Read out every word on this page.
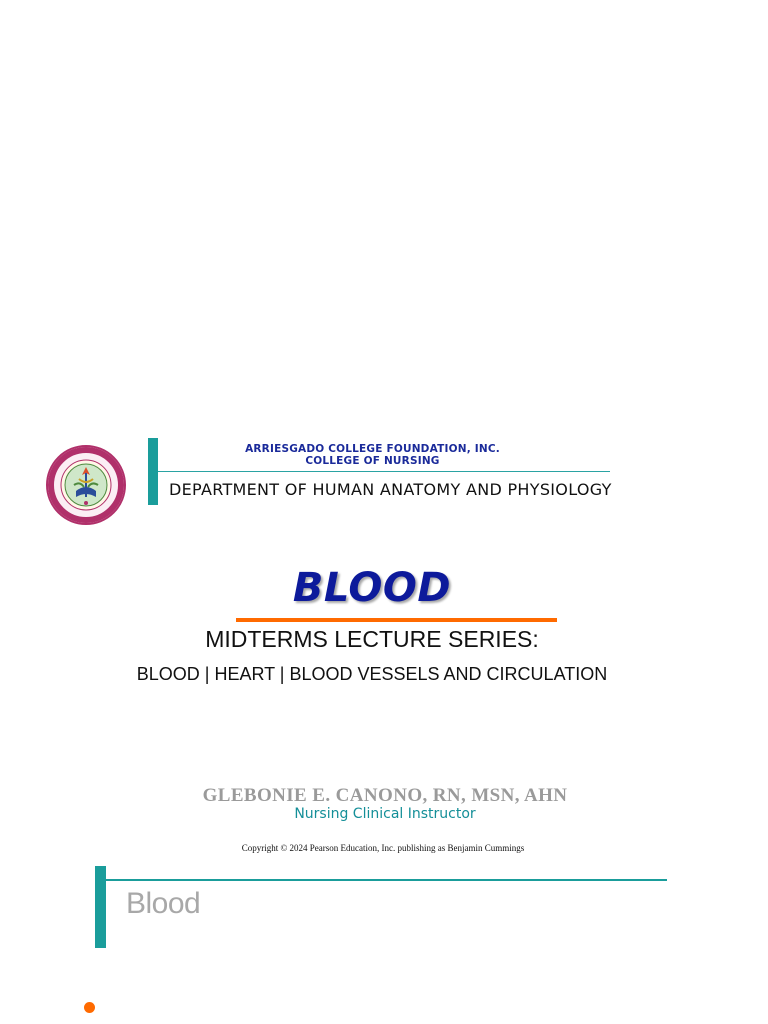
ARRIESGADO COLLEGE FOUNDATION, INC.
COLLEGE OF NURSING
DEPARTMENT OF HUMAN ANATOMY AND PHYSIOLOGY
BLOOD
MIDTERMS LECTURE SERIES:
BLOOD | HEART | BLOOD VESSELS AND CIRCULATION
GLEBONIE E. CANONO, RN, MSN, AHN
Nursing Clinical Instructor
Copyright © 2024 Pearson Education, Inc. publishing as Benjamin Cummings
Blood
